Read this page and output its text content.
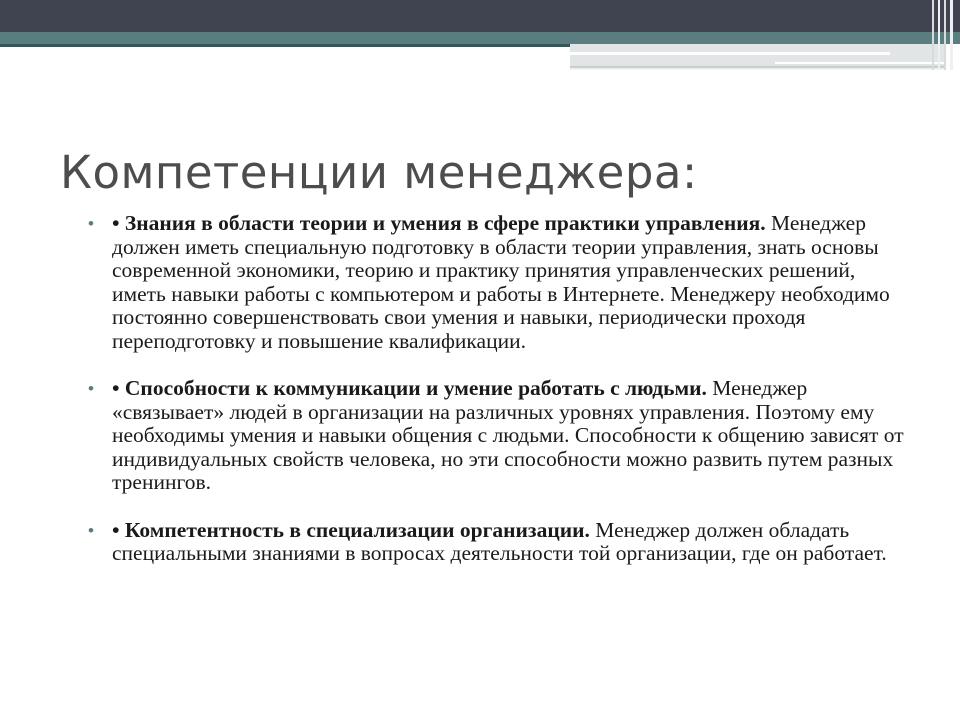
Компетенции менеджера:
• • Знания в области теории и умения в сфере практики управления. Менеджер должен иметь специальную подготовку в области теории управления, знать основы современной экономики, теорию и практику принятия управленческих решений, иметь навыки работы с компьютером и работы в Интернете. Менеджеру необходимо постоянно совершенствовать свои умения и навыки, периодически проходя переподготовку и повышение квалификации.
• • Способности к коммуникации и умение работать с людьми. Менеджер «связывает» людей в организации на различных уровнях управления. Поэтому ему необходимы умения и навыки общения с людьми. Способности к общению зависят от индивидуальных свойств человека, но эти способности можно развить путем разных тренингов.
• • Компетентность в специализации организации. Менеджер должен обладать специальными знаниями в вопросах деятельности той организации, где он работает.
